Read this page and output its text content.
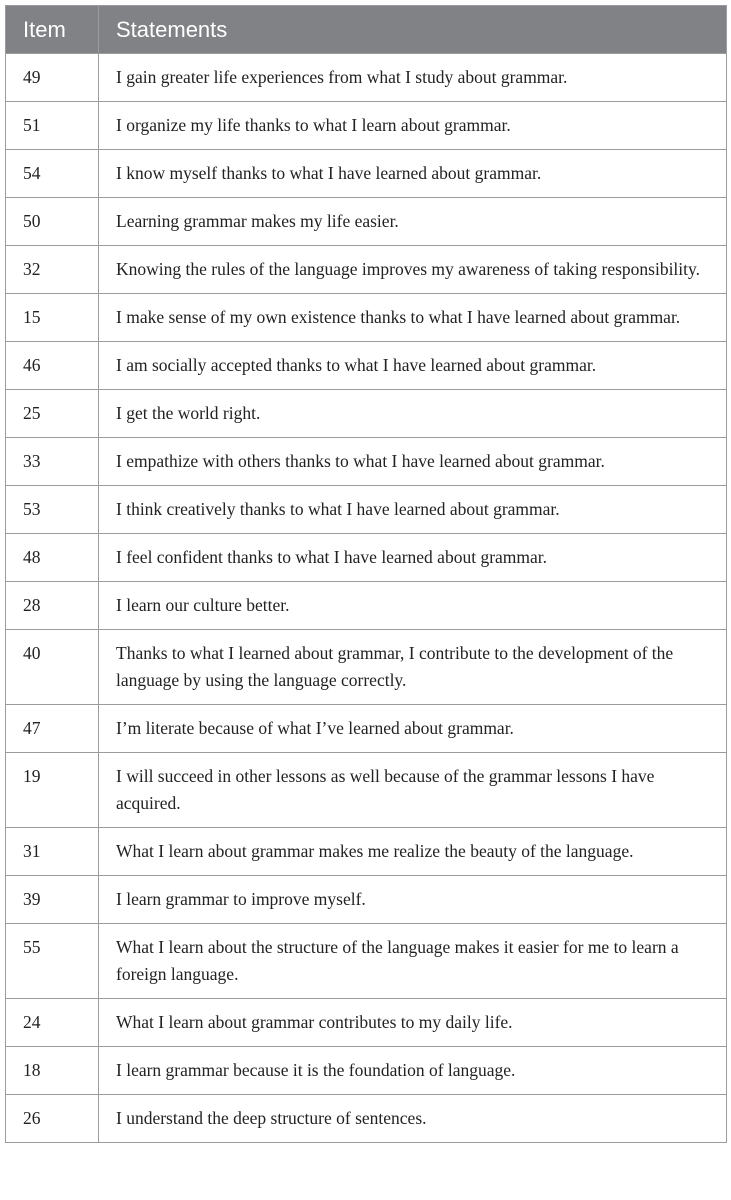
Item	Statements
49	I gain greater life experiences from what I study about grammar.
51	I organize my life thanks to what I learn about grammar.
54	I know myself thanks to what I have learned about grammar.
50	Learning grammar makes my life easier.
32	Knowing the rules of the language improves my awareness of taking responsibility.
15	I make sense of my own existence thanks to what I have learned about grammar.
46	I am socially accepted thanks to what I have learned about grammar.
25	I get the world right.
33	I empathize with others thanks to what I have learned about grammar.
53	I think creatively thanks to what I have learned about grammar.
48	I feel confident thanks to what I have learned about grammar.
28	I learn our culture better.
40	Thanks to what I learned about grammar, I contribute to the development of the language by using the language correctly.
47	I’m literate because of what I’ve learned about grammar.
19	I will succeed in other lessons as well because of the grammar lessons I have acquired.
31	What I learn about grammar makes me realize the beauty of the language.
39	I learn grammar to improve myself.
55	What I learn about the structure of the language makes it easier for me to learn a foreign language.
24	What I learn about grammar contributes to my daily life.
18	I learn grammar because it is the foundation of language.
26	I understand the deep structure of sentences.
